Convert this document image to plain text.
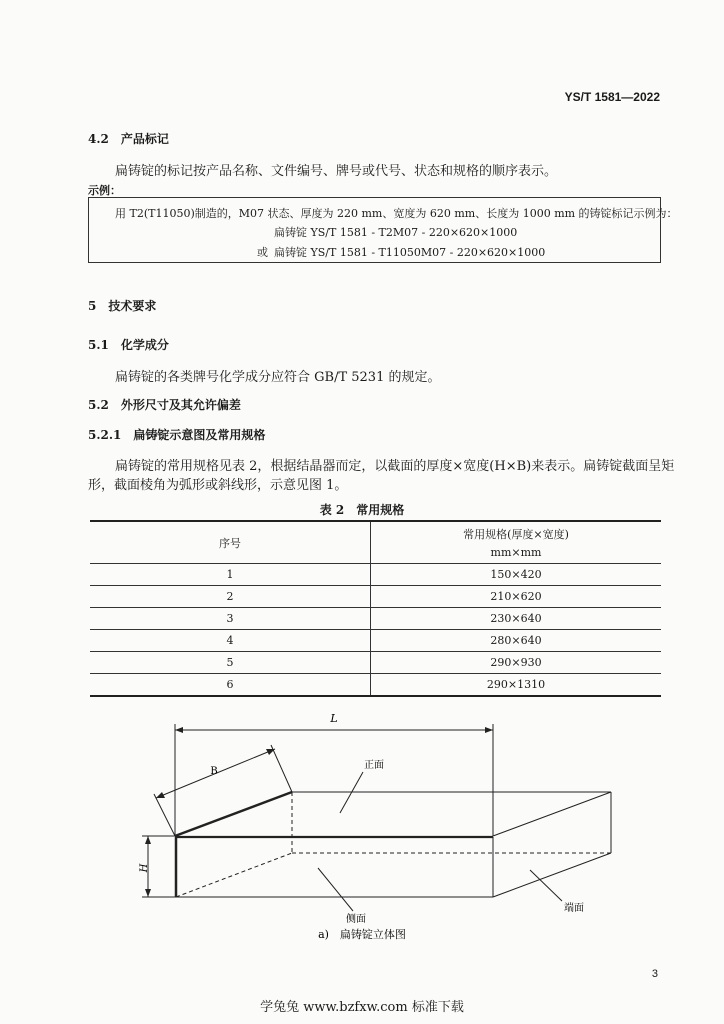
YS/T 1581—2022
4.2　产品标记
扁铸锭的标记按产品名称、文件编号、牌号或代号、状态和规格的顺序表示。
示例：
用 T2(T11050)制造的，M07 状态、厚度为 220 mm、宽度为 620 mm、长度为 1000 mm 的铸锭标记示例为：
扁铸锭 YS/T 1581 - T2M07 - 220×620×1000
或 扁铸锭 YS/T 1581 - T11050M07 - 220×620×1000
5　技术要求
5.1　化学成分
扁铸锭的各类牌号化学成分应符合 GB/T 5231 的规定。
5.2　外形尺寸及其允许偏差
5.2.1　扁铸锭示意图及常用规格
扁铸锭的常用规格见表 2，根据结晶器而定，以截面的厚度×宽度(H×B)来表示。扁铸锭截面呈矩
形，截面棱角为弧形或斜线形，示意见图 1。
表 2　常用规格
序号	常用规格(厚度×宽度)
mm×mm

1	150×420
2	210×620
3	230×640
4	280×640
5	290×930
6	290×1310
L
B
H
正面
侧面
端面
a)　扁铸锭立体图
3
学兔兔 www.bzfxw.com 标准下载
